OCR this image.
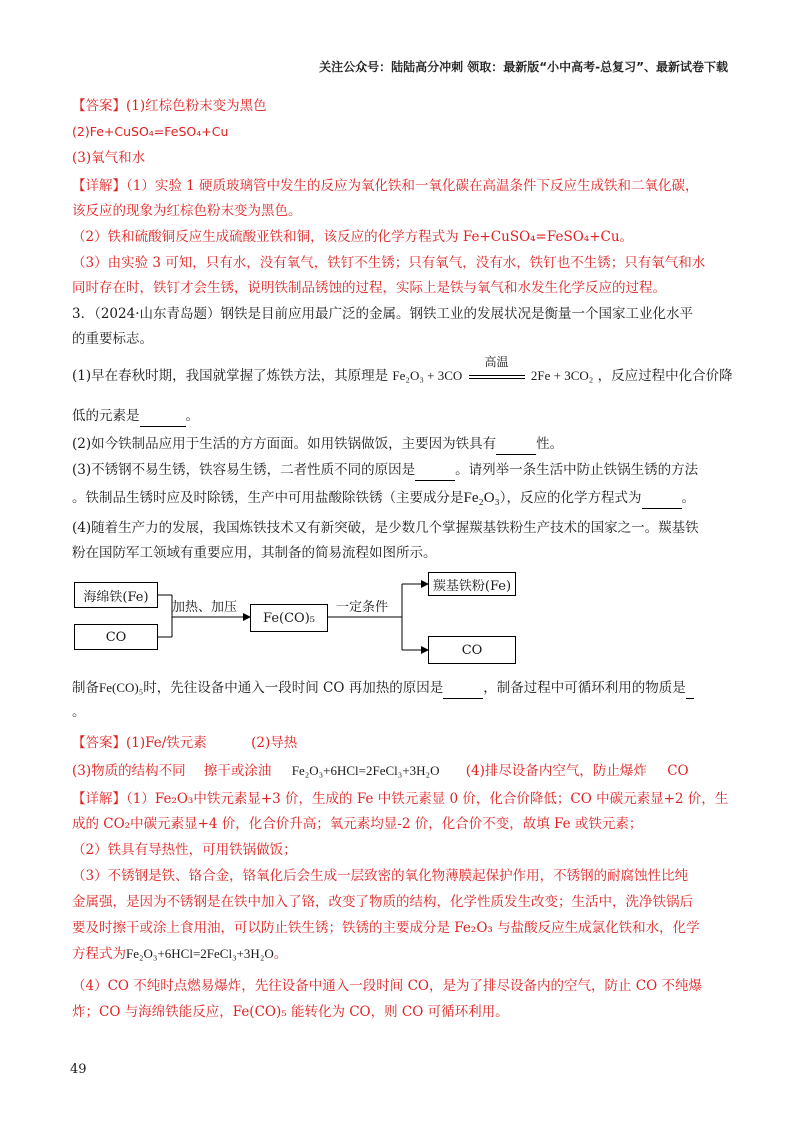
关注公众号：陆陆高分冲刺 领取：最新版“小中高考-总复习”、最新试卷下载
【答案】(1)红棕色粉末变为黑色
(2)Fe+CuSO₄=FeSO₄+Cu
(3)氧气和水
【详解】（1）实验 1 硬质玻璃管中发生的反应为氧化铁和一氧化碳在高温条件下反应生成铁和二氧化碳，
该反应的现象为红棕色粉末变为黑色。
（2）铁和硫酸铜反应生成硫酸亚铁和铜，该反应的化学方程式为 Fe+CuSO₄=FeSO₄+Cu。
（3）由实验 3 可知，只有水，没有氧气，铁钉不生锈；只有氧气，没有水，铁钉也不生锈；只有氧气和水
同时存在时，铁钉才会生锈，说明铁制品锈蚀的过程，实际上是铁与氧气和水发生化学反应的过程。
3．（2024·山东青岛题）钢铁是目前应用最广泛的金属。钢铁工业的发展状况是衡量一个国家工业化水平
的重要标志。
(1)早在春秋时期，我国就掌握了炼铁方法，其原理是 Fe₂O₃ + 3CO
高温
2Fe + 3CO₂ ，反应过程中化合价降
低的元素是	。
(2)如今铁制品应用于生活的方方面面。如用铁锅做饭，主要因为铁具有	性。
(3)不锈钢不易生锈，铁容易生锈，二者性质不同的原因是	。请列举一条生活中防止铁锅生锈的方法
。铁制品生锈时应及时除锈，生产中可用盐酸除铁锈（主要成分是Fe₂O₃），反应的化学方程式为	。
(4)随着生产力的发展，我国炼铁技术又有新突破，是少数几个掌握羰基铁粉生产技术的国家之一。羰基铁
粉在国防军工领域有重要应用，其制备的简易流程如图所示。
制备Fe(CO)₅时，先往设备中通入一段时间 CO 再加热的原因是	，制备过程中可循环利用的物质是
。
【答案】(1)Fe/铁元素	(2)导热
(3)物质的结构不同 擦干或涂油 Fe₂O₃+6HCl=2FeCl₃+3H₂O (4)排尽设备内空气，防止爆炸 CO
【详解】（1）Fe₂O₃中铁元素显+3 价，生成的 Fe 中铁元素显 0 价，化合价降低；CO 中碳元素显+2 价，生
成的 CO₂中碳元素显+4 价，化合价升高；氧元素均显-2 价，化合价不变，故填 Fe 或铁元素；
（2）铁具有导热性，可用铁锅做饭；
（3）不锈钢是铁、铬合金，铬氧化后会生成一层致密的氧化物薄膜起保护作用，不锈钢的耐腐蚀性比纯
金属强，是因为不锈钢是在铁中加入了铬，改变了物质的结构，化学性质发生改变；生活中，洗净铁锅后
要及时擦干或涂上食用油，可以防止铁生锈；铁锈的主要成分是 Fe₂O₃ 与盐酸反应生成氯化铁和水，化学
方程式为Fe₂O₃+6HCl=2FeCl₃+3H₂O。
（4）CO 不纯时点燃易爆炸，先往设备中通入一段时间 CO，是为了排尽设备内的空气，防止 CO 不纯爆
炸；CO 与海绵铁能反应，Fe(CO)₅ 能转化为 CO，则 CO 可循环利用。
海绵铁(Fe)
CO
加热、加压
Fe(CO)₅
一定条件
羰基铁粉(Fe)
CO
49
